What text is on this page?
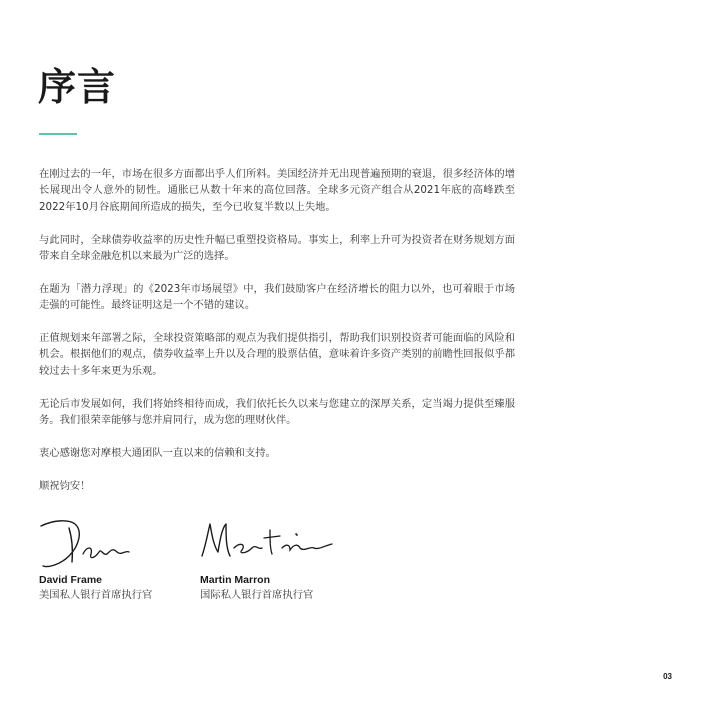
序言

在刚过去的一年，市场在很多方面都出乎人们所料。美国经济并无出现普遍预期的衰退，很多经济体的增长展现出令人意外的韧性。通胀已从数十年来的高位回落。全球多元资产组合从2021年底的高峰跌至2022年10月谷底期间所造成的损失，至今已收复半数以上失地。

与此同时，全球债券收益率的历史性升幅已重塑投资格局。事实上，利率上升可为投资者在财务规划方面带来自全球金融危机以来最为广泛的选择。

在题为「潜力浮现」的《2023年市场展望》中，我们鼓励客户在经济增长的阻力以外，也可着眼于市场走强的可能性。最终证明这是一个不错的建议。

正值规划来年部署之际，全球投资策略部的观点为我们提供指引，帮助我们识别投资者可能面临的风险和机会。根据他们的观点，债券收益率上升以及合理的股票估值，意味着许多资产类别的前瞻性回报似乎都较过去十多年来更为乐观。

无论后市发展如何，我们将始终相待而成，我们依托长久以来与您建立的深厚关系，定当竭力提供至臻服务。我们很荣幸能够与您并肩同行，成为您的理财伙伴。

衷心感谢您对摩根大通团队一直以来的信赖和支持。

顺祝钧安！

David Frame
美国私人银行首席执行官
Martin Marron
国际私人银行首席执行官
03
